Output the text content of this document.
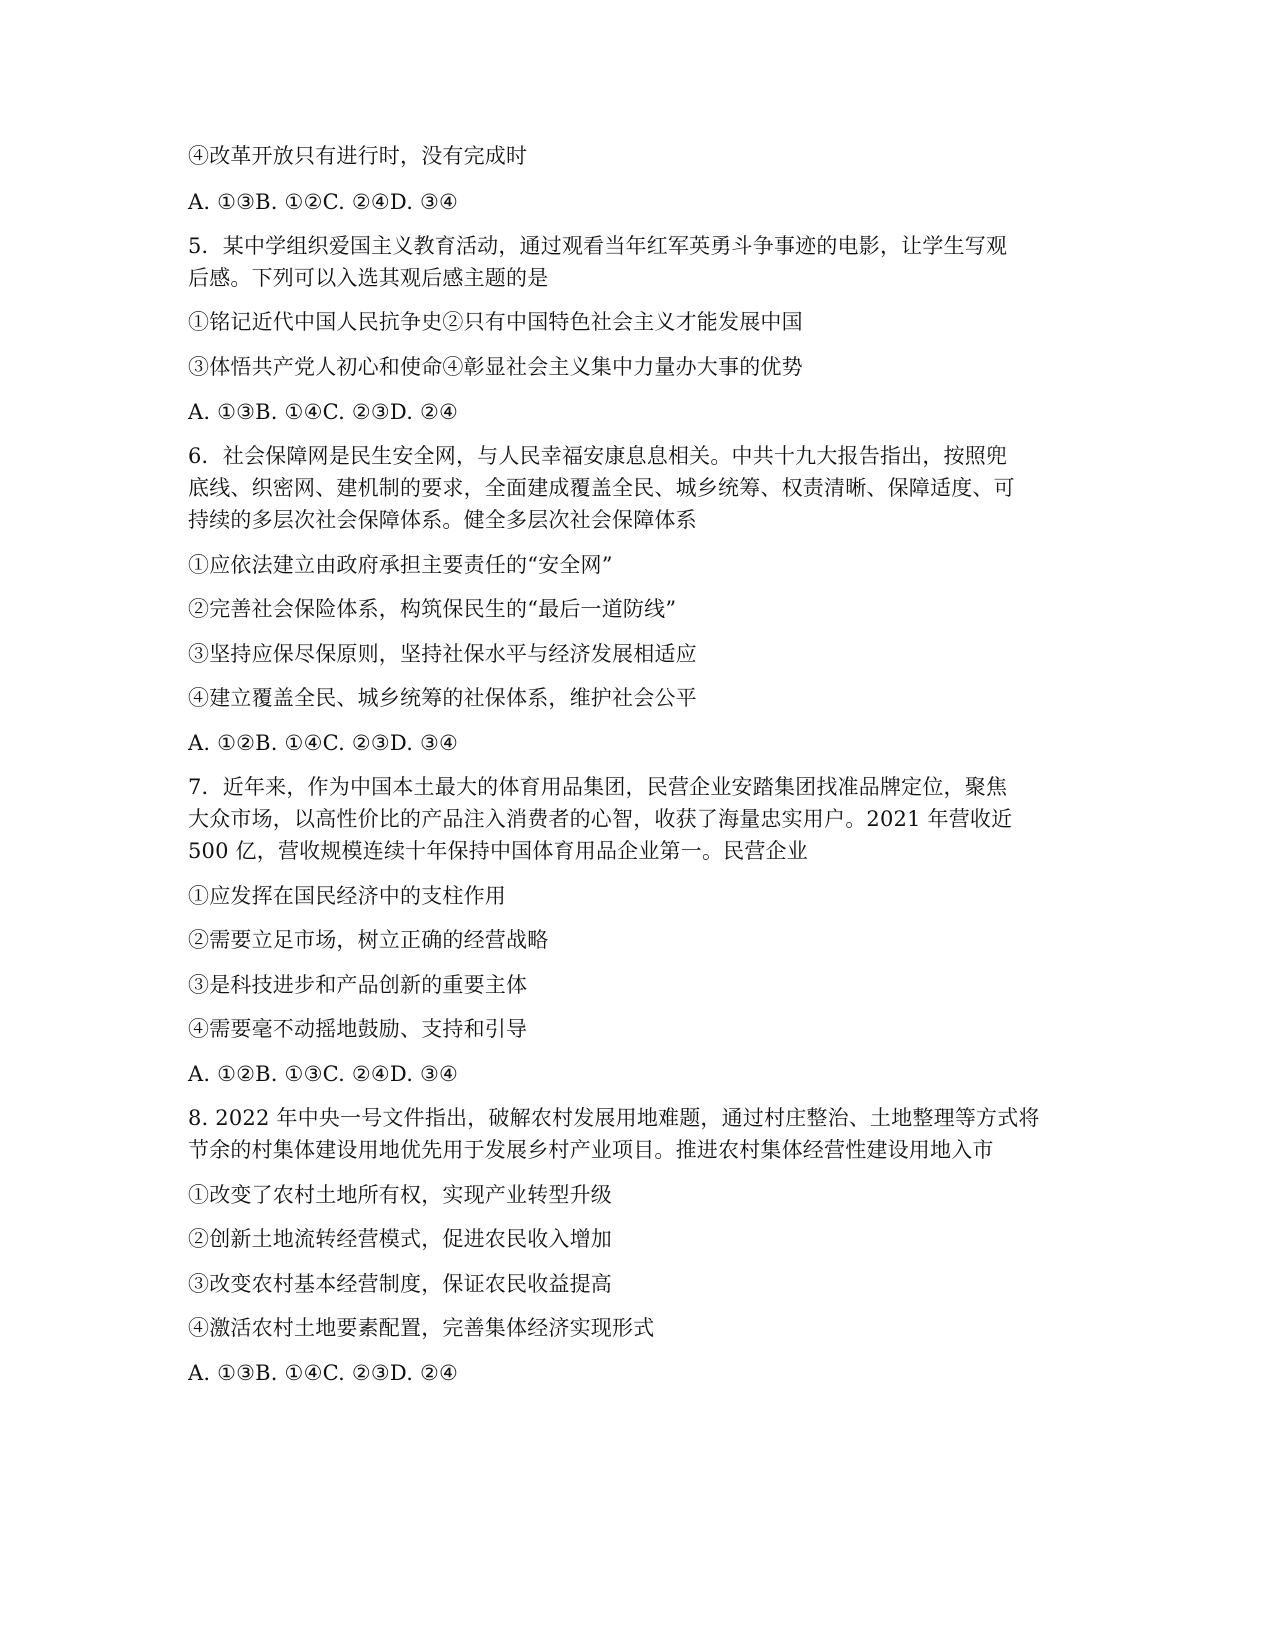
④改革开放只有进行时，没有完成时
A. ①③B. ①②C. ②④D. ③④
5．某中学组织爱国主义教育活动，通过观看当年红军英勇斗争事迹的电影，让学生写观
后感。下列可以入选其观后感主题的是
①铭记近代中国人民抗争史②只有中国特色社会主义才能发展中国
③体悟共产党人初心和使命④彰显社会主义集中力量办大事的优势
A. ①③B. ①④C. ②③D. ②④
6．社会保障网是民生安全网，与人民幸福安康息息相关。中共十九大报告指出，按照兜
底线、织密网、建机制的要求，全面建成覆盖全民、城乡统筹、权责清晰、保障适度、可
持续的多层次社会保障体系。健全多层次社会保障体系
①应依法建立由政府承担主要责任的“安全网”
②完善社会保险体系，构筑保民生的“最后一道防线”
③坚持应保尽保原则，坚持社保水平与经济发展相适应
④建立覆盖全民、城乡统筹的社保体系，维护社会公平
A. ①②B. ①④C. ②③D. ③④
7．近年来，作为中国本土最大的体育用品集团，民营企业安踏集团找准品牌定位，聚焦
大众市场，以高性价比的产品注入消费者的心智，收获了海量忠实用户。2021 年营收近
500 亿，营收规模连续十年保持中国体育用品企业第一。民营企业
①应发挥在国民经济中的支柱作用
②需要立足市场，树立正确的经营战略
③是科技进步和产品创新的重要主体
④需要毫不动摇地鼓励、支持和引导
A. ①②B. ①③C. ②④D. ③④
8. 2022 年中央一号文件指出，破解农村发展用地难题，通过村庄整治、土地整理等方式将
节余的村集体建设用地优先用于发展乡村产业项目。推进农村集体经营性建设用地入市
①改变了农村土地所有权，实现产业转型升级
②创新土地流转经营模式，促进农民收入增加
③改变农村基本经营制度，保证农民收益提高
④激活农村土地要素配置，完善集体经济实现形式
A. ①③B. ①④C. ②③D. ②④
